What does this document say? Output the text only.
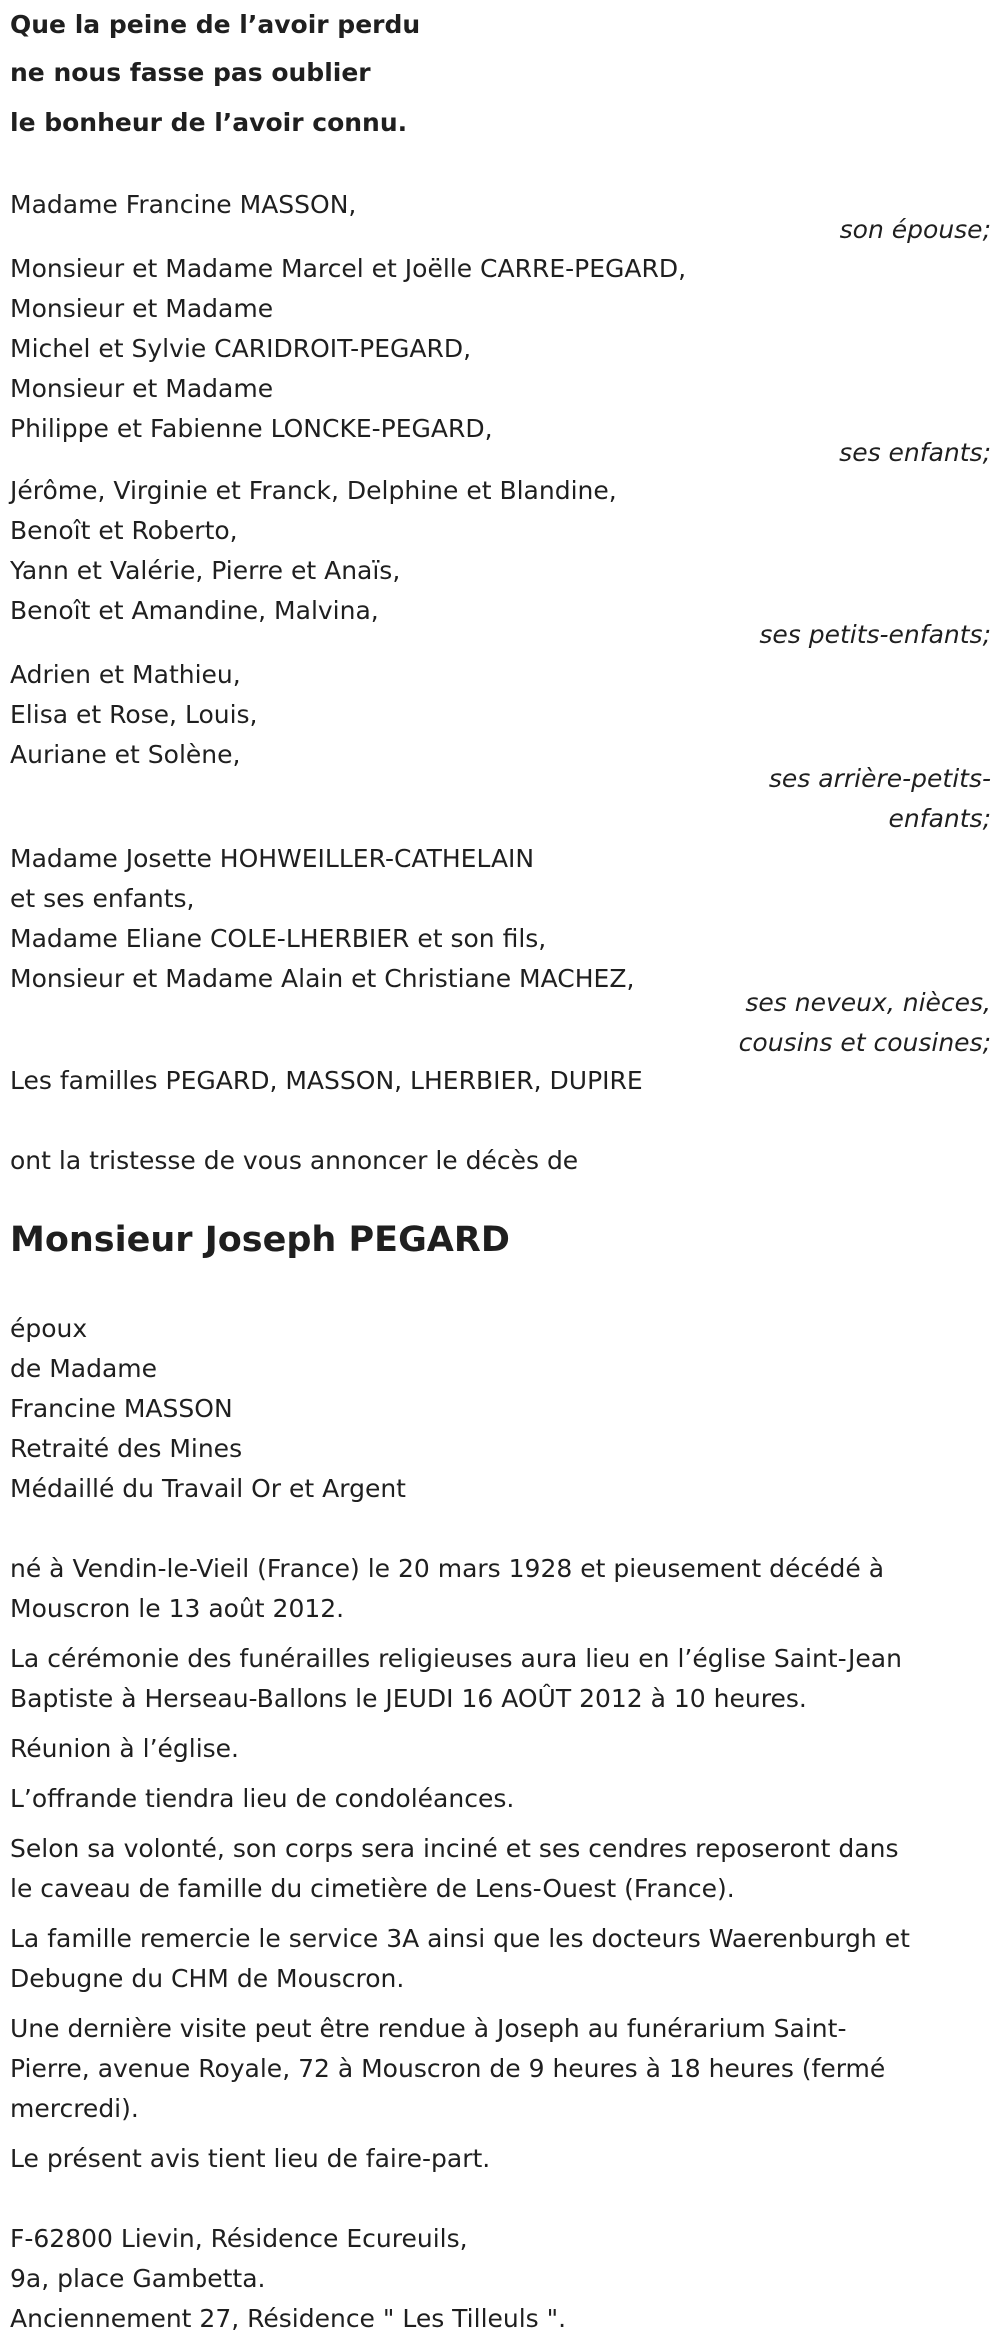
Que la peine de l’avoir perdu
ne nous fasse pas oublier
le bonheur de l’avoir connu.
Madame Francine MASSON,
son épouse;
Monsieur et Madame Marcel et Joëlle CARRE-PEGARD,
Monsieur et Madame
Michel et Sylvie CARIDROIT-PEGARD,
Monsieur et Madame
Philippe et Fabienne LONCKE-PEGARD,
ses enfants;
Jérôme, Virginie et Franck, Delphine et Blandine,
Benoît et Roberto,
Yann et Valérie, Pierre et Anaïs,
Benoît et Amandine, Malvina,
ses petits-enfants;
Adrien et Mathieu,
Elisa et Rose, Louis,
Auriane et Solène,
ses arrière-petits-
enfants;
Madame Josette HOHWEILLER-CATHELAIN
et ses enfants,
Madame Eliane COLE-LHERBIER et son fils,
Monsieur et Madame Alain et Christiane MACHEZ,
ses neveux, nièces,
cousins et cousines;
Les familles PEGARD, MASSON, LHERBIER, DUPIRE
ont la tristesse de vous annoncer le décès de
Monsieur Joseph PEGARD
époux
de Madame
Francine MASSON
Retraité des Mines
Médaillé du Travail Or et Argent
né à Vendin-le-Vieil (France) le 20 mars 1928 et pieusement décédé à
Mouscron le 13 août 2012.
La cérémonie des funérailles religieuses aura lieu en l’église Saint-Jean
Baptiste à Herseau-Ballons le JEUDI 16 AOÛT 2012 à 10 heures.
Réunion à l’église.
L’offrande tiendra lieu de condoléances.
Selon sa volonté, son corps sera inciné et ses cendres reposeront dans
le caveau de famille du cimetière de Lens-Ouest (France).
La famille remercie le service 3A ainsi que les docteurs Waerenburgh et
Debugne du CHM de Mouscron.
Une dernière visite peut être rendue à Joseph au funérarium Saint-
Pierre, avenue Royale, 72 à Mouscron de 9 heures à 18 heures (fermé
mercredi).
Le présent avis tient lieu de faire-part.
F-62800 Lievin, Résidence Ecureuils,
9a, place Gambetta.
Anciennement 27, Résidence " Les Tilleuls ".
